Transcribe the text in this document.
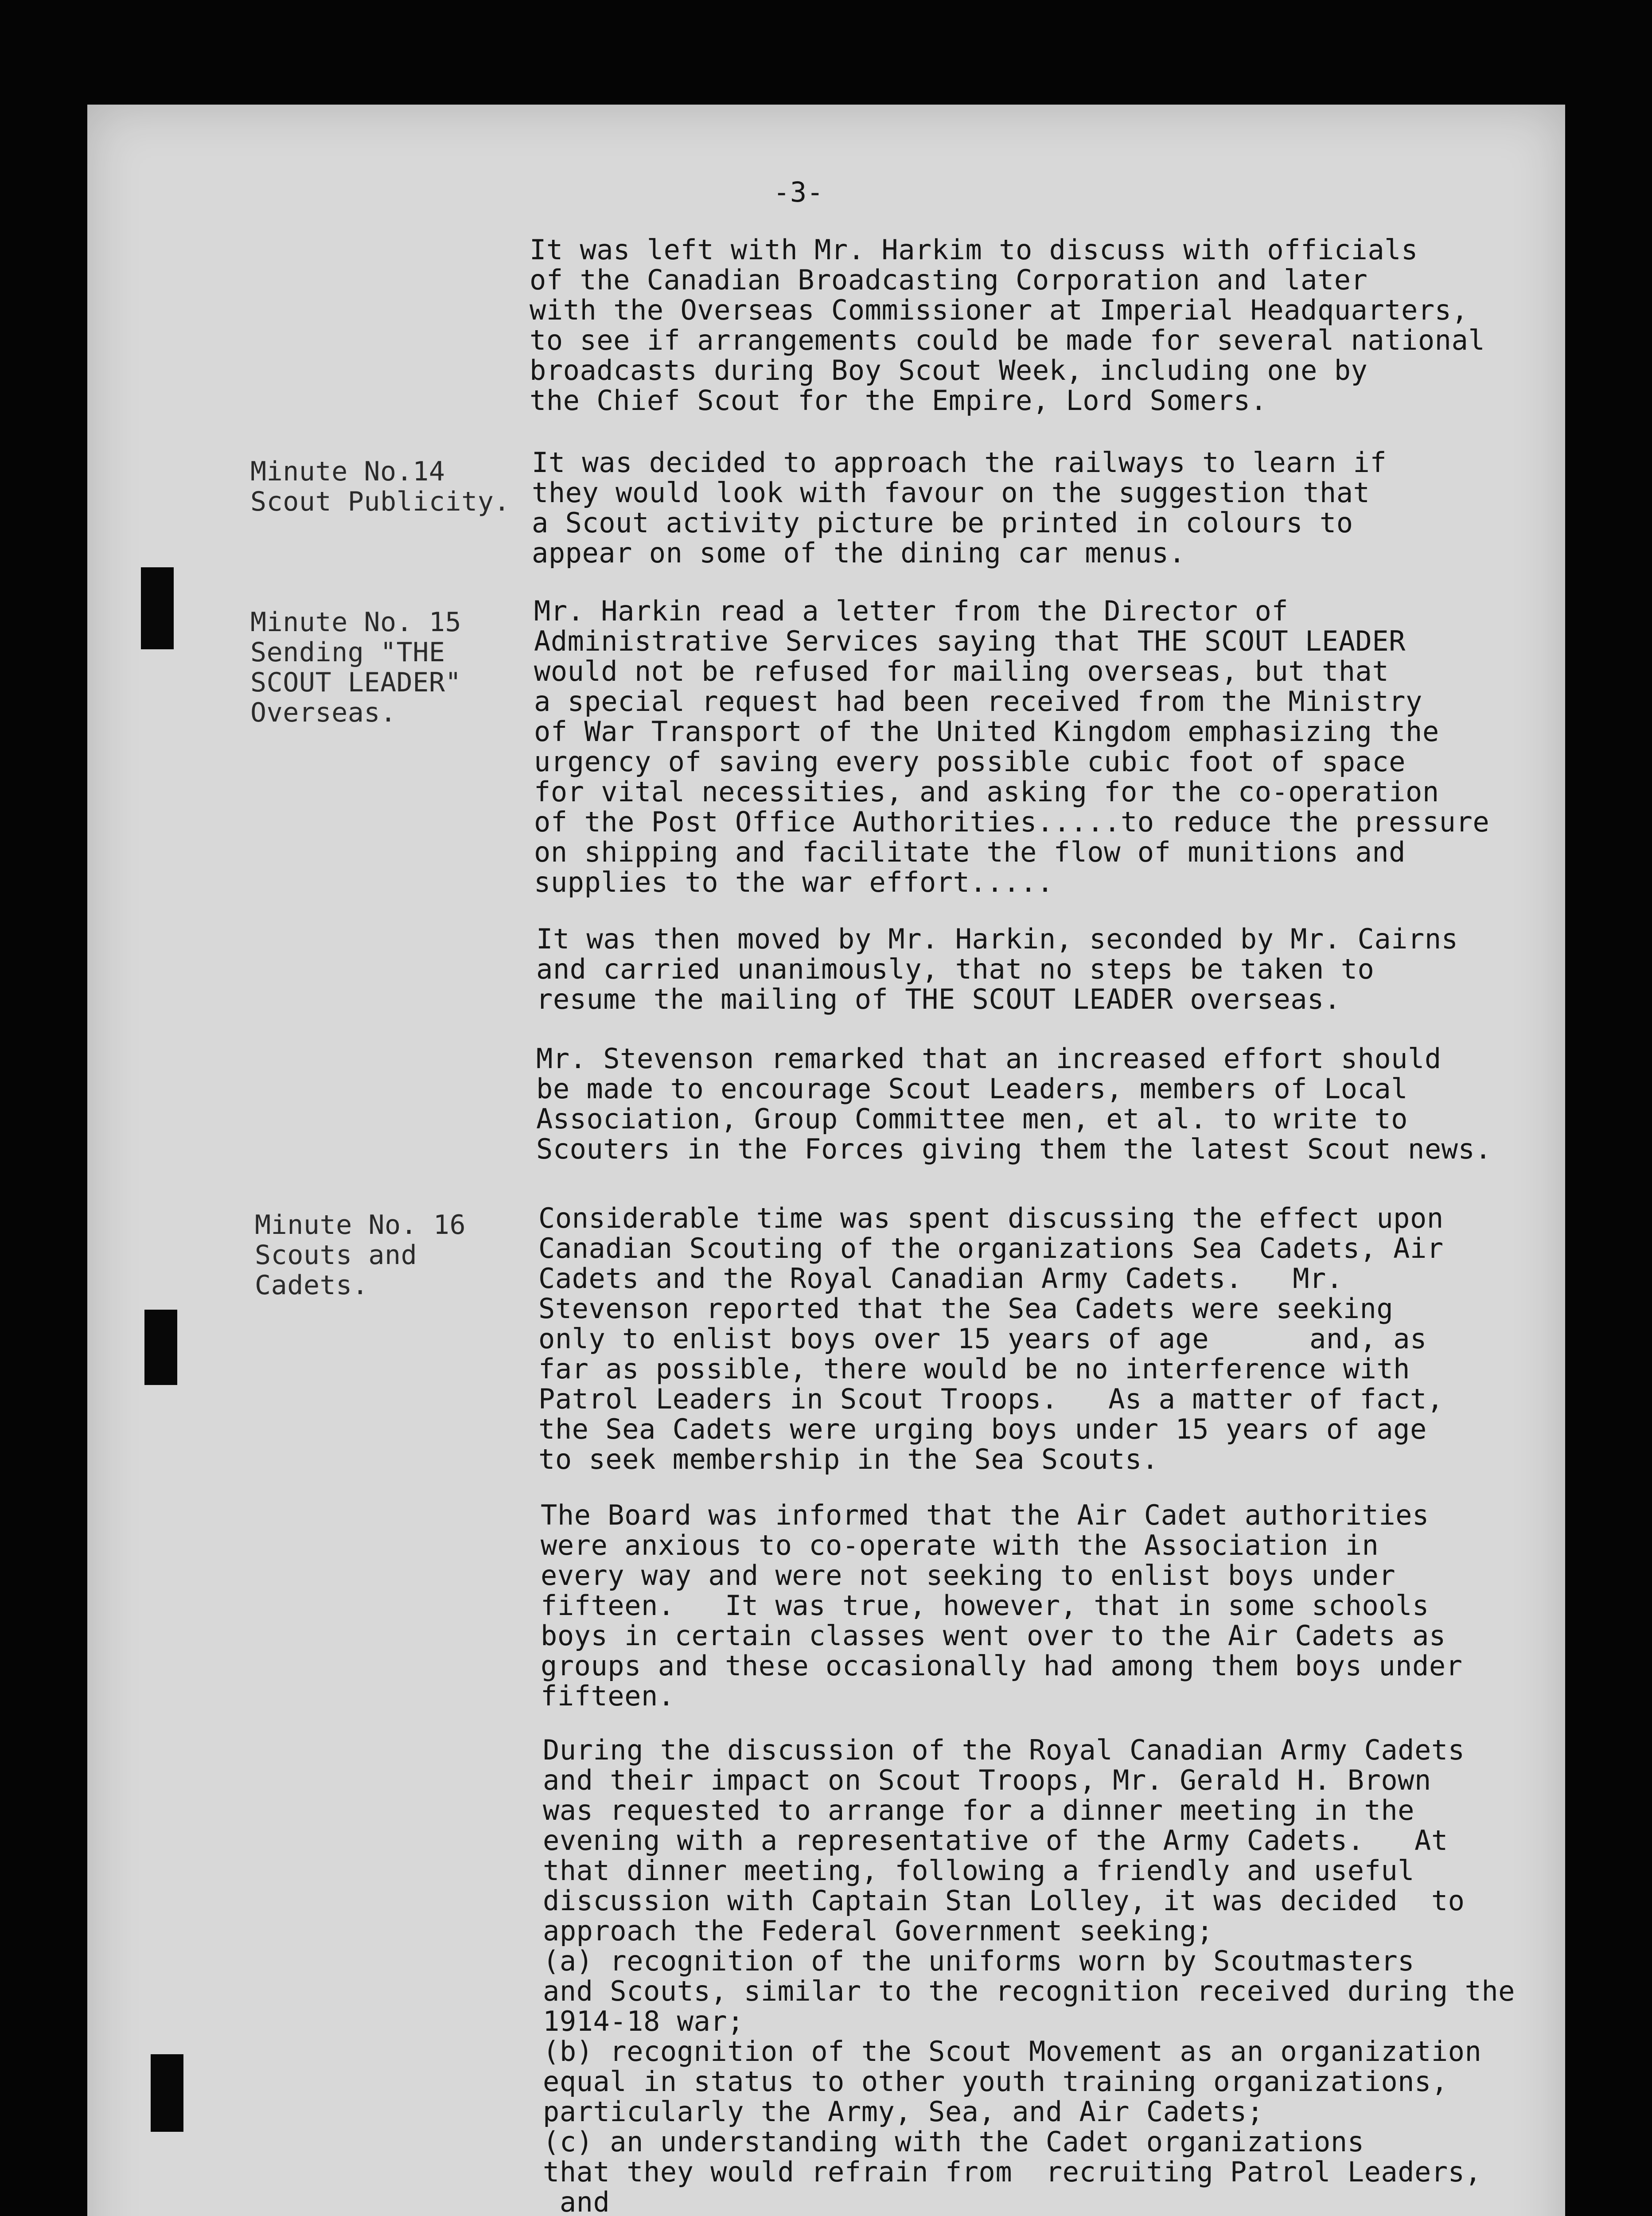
-3-
It was left with Mr. Harkim to discuss with officials
of the Canadian Broadcasting Corporation and later
with the Overseas Commissioner at Imperial Headquarters,
to see if arrangements could be made for several national
broadcasts during Boy Scout Week, including one by
the Chief Scout for the Empire, Lord Somers.
Minute No.14
Scout Publicity.
It was decided to approach the railways to learn if
they would look with favour on the suggestion that
a Scout activity picture be printed in colours to
appear on some of the dining car menus.
Minute No. 15
Sending "THE
SCOUT LEADER"
Overseas.
Mr. Harkin read a letter from the Director of
Administrative Services saying that THE SCOUT LEADER
would not be refused for mailing overseas, but that
a special request had been received from the Ministry
of War Transport of the United Kingdom emphasizing the
urgency of saving every possible cubic foot of space
for vital necessities, and asking for the co-operation
of the Post Office Authorities.....to reduce the pressure
on shipping and facilitate the flow of munitions and
supplies to the war effort.....
It was then moved by Mr. Harkin, seconded by Mr. Cairns
and carried unanimously, that no steps be taken to
resume the mailing of THE SCOUT LEADER overseas.
Mr. Stevenson remarked that an increased effort should
be made to encourage Scout Leaders, members of Local
Association, Group Committee men, et al. to write to
Scouters in the Forces giving them the latest Scout news.
Minute No. 16
Scouts and
Cadets.
Considerable time was spent discussing the effect upon
Canadian Scouting of the organizations Sea Cadets, Air
Cadets and the Royal Canadian Army Cadets.   Mr.
Stevenson reported that the Sea Cadets were seeking
only to enlist boys over 15 years of age      and, as
far as possible, there would be no interference with
Patrol Leaders in Scout Troops.   As a matter of fact,
the Sea Cadets were urging boys under 15 years of age
to seek membership in the Sea Scouts.
The Board was informed that the Air Cadet authorities
were anxious to co-operate with the Association in
every way and were not seeking to enlist boys under
fifteen.   It was true, however, that in some schools
boys in certain classes went over to the Air Cadets as
groups and these occasionally had among them boys under
fifteen.
During the discussion of the Royal Canadian Army Cadets
and their impact on Scout Troops, Mr. Gerald H. Brown
was requested to arrange for a dinner meeting in the
evening with a representative of the Army Cadets.   At
that dinner meeting, following a friendly and useful
discussion with Captain Stan Lolley, it was decided  to
approach the Federal Government seeking;
(a) recognition of the uniforms worn by Scoutmasters
and Scouts, similar to the recognition received during the
1914-18 war;
(b) recognition of the Scout Movement as an organization
equal in status to other youth training organizations,
particularly the Army, Sea, and Air Cadets;
(c) an understanding with the Cadet organizations
that they would refrain from  recruiting Patrol Leaders,
and
